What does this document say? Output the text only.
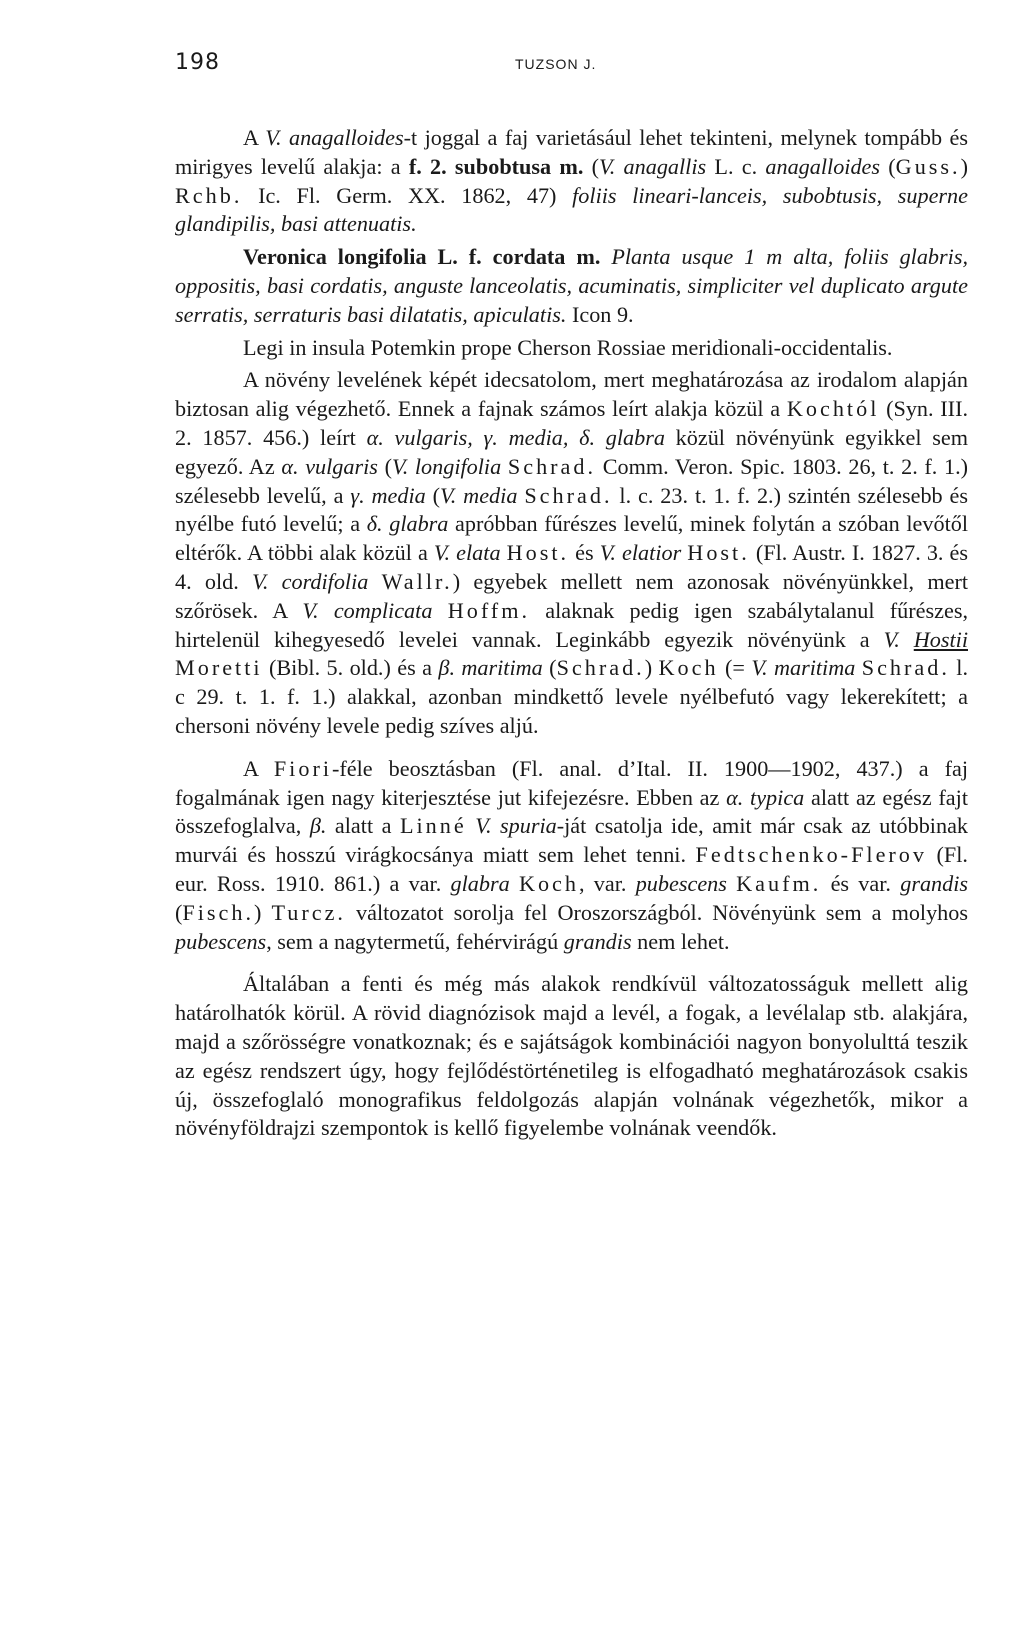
198	TUZSON J.

A V. anagalloides-t joggal a faj varietásául lehet tekinteni, melynek tompább és mirigyes levelű alakja: a f. 2. subobtusa m. (V. anagallis L. c. anagalloides (Guss.) Rchb. Ic. Fl. Germ. XX. 1862, 47) foliis lineari-lanceis, subobtusis, superne glandipilis, basi attenuatis.

Veronica longifolia L. f. cordata m. Planta usque 1 m alta, foliis glabris, oppositis, basi cordatis, anguste lanceolatis, acuminatis, simpliciter vel duplicato argute serratis, serraturis basi dilatatis, apiculatis. Icon 9.

Legi in insula Potemkin prope Cherson Rossiae meridionali-occidentalis.

A növény levelének képét idecsatolom, mert meghatározása az irodalom alapján biztosan alig végezhető. Ennek a fajnak számos leírt alakja közül a Kochtól (Syn. III. 2. 1857. 456.) leírt α. vulgaris, γ. media, δ. glabra közül növényünk egyikkel sem egyező. Az α. vulgaris (V. longifolia Schrad. Comm. Veron. Spic. 1803. 26, t. 2. f. 1.) szélesebb levelű, a γ. media (V. media Schrad. l. c. 23. t. 1. f. 2.) szintén szélesebb és nyélbe futó levelű; a δ. glabra apróbban fűrészes levelű, minek folytán a szóban levőtől eltérők. A többi alak közül a V. elata Host. és V. elatior Host. (Fl. Austr. I. 1827. 3. és 4. old. V. cordifolia Wallr.) egyebek mellett nem azonosak növényünkkel, mert szőrösek. A V. complicata Hoffm. alaknak pedig igen szabálytalanul fűrészes, hirtelenül kihegyesedő levelei vannak. Leginkább egyezik növényünk a V. Hostii Moretti (Bibl. 5. old.) és a β. maritima (Schrad.) Koch (= V. maritima Schrad. l. c 29. t. 1. f. 1.) alakkal, azonban mindkettő levele nyélbefutó vagy lekerekített; a chersoni növény levele pedig szíves aljú.

A Fiori-féle beosztásban (Fl. anal. d’Ital. II. 1900—1902, 437.) a faj fogalmának igen nagy kiterjesztése jut kifejezésre. Ebben az α. typica alatt az egész fajt összefoglalva, β. alatt a Linné V. spuria-ját csatolja ide, amit már csak az utóbbinak murvái és hosszú virágkocsánya miatt sem lehet tenni. Fedtschenko-Flerov (Fl. eur. Ross. 1910. 861.) a var. glabra Koch, var. pubescens Kaufm. és var. grandis (Fisch.) Turcz. változatot sorolja fel Oroszországból. Növényünk sem a molyhos pubescens, sem a nagytermetű, fehérvirágú grandis nem lehet.

Általában a fenti és még más alakok rendkívül változatosságuk mellett alig határolhatók körül. A rövid diagnózisok majd a levél, a fogak, a levélalap stb. alakjára, majd a szőrösségre vonatkoznak; és e sajátságok kombinációi nagyon bonyolulttá teszik az egész rendszert úgy, hogy fejlődéstörténetileg is elfogadható meghatározások csakis új, összefoglaló monografikus feldolgozás alapján volnának végezhetők, mikor a növényföldrajzi szempontok is kellő figyelembe volnának veendők.
